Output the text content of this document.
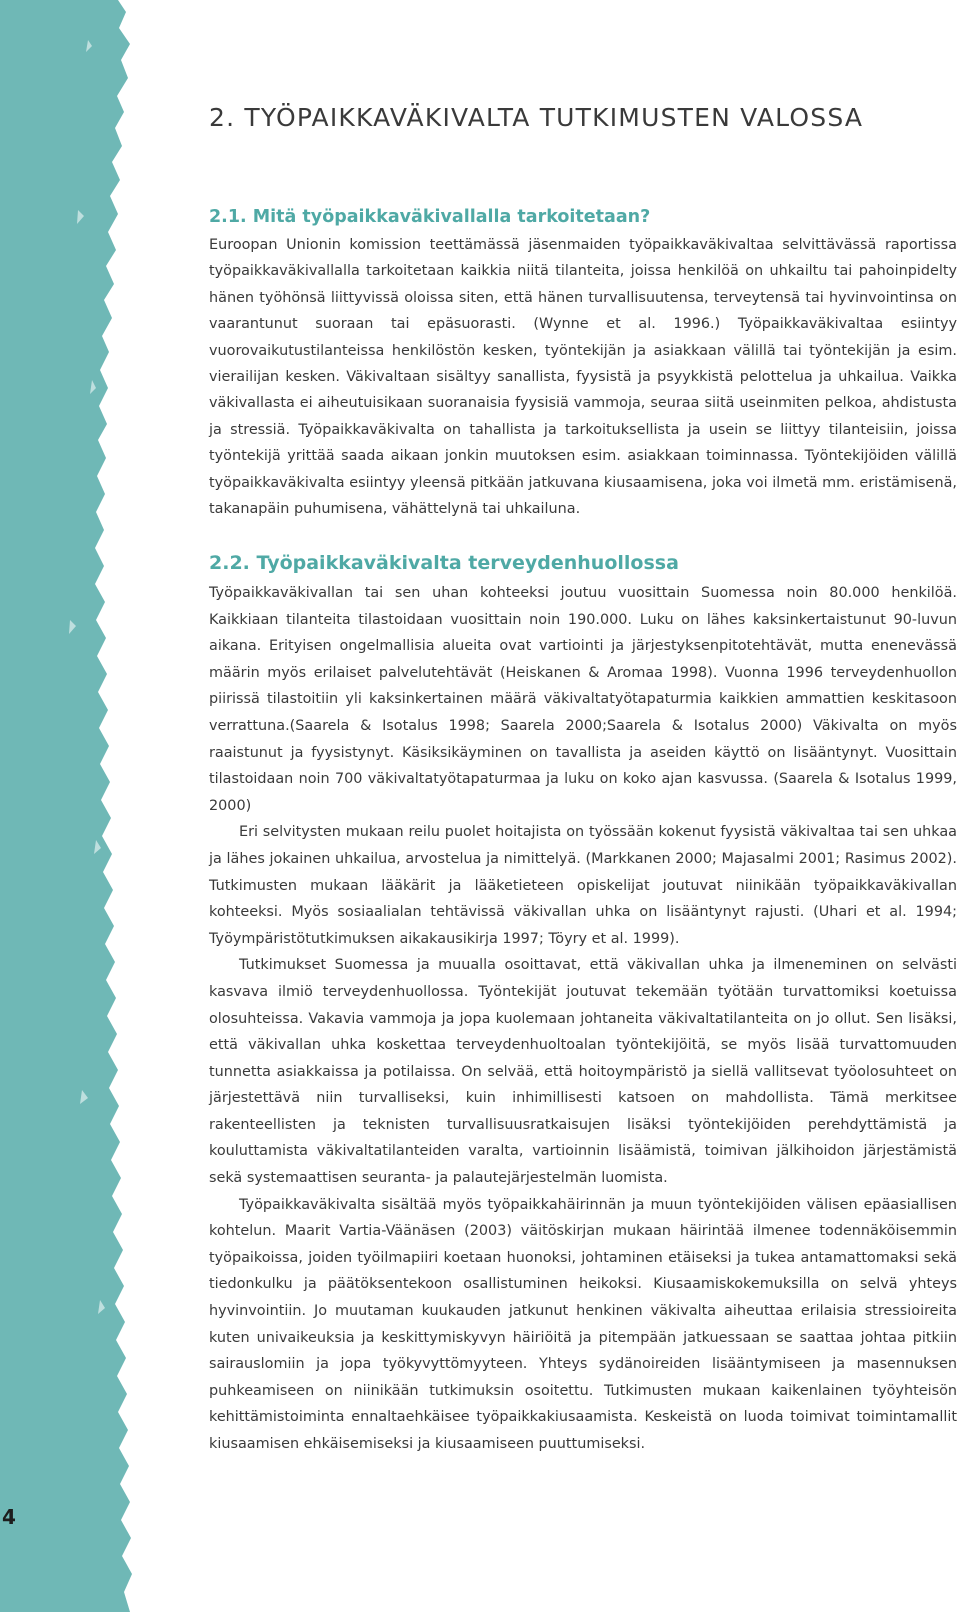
4
2. TYÖPAIKKAVÄKIVALTA TUTKIMUSTEN VALOSSA
2.1. Mitä työpaikkaväkivallalla tarkoitetaan?

Euroopan Unionin komission teettämässä jäsenmaiden työpaikkaväkivaltaa selvittävässä raportissa työpaikkaväkivallalla tarkoitetaan kaikkia niitä tilanteita, joissa henkilöä on uhkailtu tai pahoinpidelty hänen työhönsä liittyvissä oloissa siten, että hänen turvallisuutensa, terveytensä tai hyvinvointinsa on vaarantunut suoraan tai epäsuorasti. (Wynne et al. 1996.) Työpaikkaväkivaltaa esiintyy vuorovaikutustilanteissa henkilöstön kesken, työntekijän ja asiakkaan välillä tai työntekijän ja esim. vierailijan kesken. Väkivaltaan sisältyy sanallista, fyysistä ja psyykkistä pelottelua ja uhkailua. Vaikka väkivallasta ei aiheutuisikaan suoranaisia fyysisiä vammoja, seuraa siitä useinmiten pelkoa, ahdistusta ja stressiä. Työpaikkaväkivalta on tahallista ja tarkoituksellista ja usein se liittyy tilanteisiin, joissa työntekijä yrittää saada aikaan jonkin muutoksen esim. asiakkaan toiminnassa. Työntekijöiden välillä työpaikkaväkivalta esiintyy yleensä pitkään jatkuvana kiusaamisena, joka voi ilmetä mm. eristämisenä, takanapäin puhumisena, vähättelynä tai uhkailuna.

2.2. Työpaikkaväkivalta terveydenhuollossa

Työpaikkaväkivallan tai sen uhan kohteeksi joutuu vuosittain Suomessa noin 80.000 henkilöä. Kaikkiaan tilanteita tilastoidaan vuosittain noin 190.000. Luku on lähes kaksinkertaistunut 90-luvun aikana. Erityisen ongelmallisia alueita ovat vartiointi ja järjestyksenpitotehtävät, mutta enenevässä määrin myös erilaiset palvelutehtävät (Heiskanen & Aromaa 1998). Vuonna 1996 terveydenhuollon piirissä tilastoitiin yli kaksinkertainen määrä väkivaltatyötapaturmia kaikkien ammattien keskitasoon verrattuna.(Saarela & Isotalus 1998; Saarela 2000;Saarela & Isotalus 2000) Väkivalta on myös raaistunut ja fyysistynyt. Käsiksikäyminen on tavallista ja aseiden käyttö on lisääntynyt. Vuosittain tilastoidaan noin 700 väkivaltatyötapaturmaa ja luku on koko ajan kasvussa. (Saarela & Isotalus 1999, 2000)

Eri selvitysten mukaan reilu puolet hoitajista on työssään kokenut fyysistä väkivaltaa tai sen uhkaa ja lähes jokainen uhkailua, arvostelua ja nimittelyä. (Markkanen 2000; Majasalmi 2001; Rasimus 2002). Tutkimusten mukaan lääkärit ja lääketieteen opiskelijat joutuvat niinikään työpaikkaväkivallan kohteeksi. Myös sosiaalialan tehtävissä väkivallan uhka on lisääntynyt rajusti. (Uhari et al. 1994; Työympäristötutkimuksen aikakausikirja 1997; Töyry et al. 1999).

Tutkimukset Suomessa ja muualla osoittavat, että väkivallan uhka ja ilmeneminen on selvästi kasvava ilmiö terveydenhuollossa. Työntekijät joutuvat tekemään työtään turvattomiksi koetuissa olosuhteissa. Vakavia vammoja ja jopa kuolemaan johtaneita väkivaltatilanteita on jo ollut. Sen lisäksi, että väkivallan uhka koskettaa terveydenhuoltoalan työntekijöitä, se myös lisää turvattomuuden tunnetta asiakkaissa ja potilaissa. On selvää, että hoitoympäristö ja siellä vallitsevat työolosuhteet on järjestettävä niin turvalliseksi, kuin inhimillisesti katsoen on mahdollista. Tämä merkitsee rakenteellisten ja teknisten turvallisuusratkaisujen lisäksi työntekijöiden perehdyttämistä ja kouluttamista väkivaltatilanteiden varalta, vartioinnin lisäämistä, toimivan jälkihoidon järjestämistä sekä systemaattisen seuranta- ja palautejärjestelmän luomista.

Työpaikkaväkivalta sisältää myös työpaikkahäirinnän ja muun työntekijöiden välisen epäasiallisen kohtelun. Maarit Vartia-Väänäsen (2003) väitöskirjan mukaan häirintää ilmenee todennäköisemmin työpaikoissa, joiden työilmapiiri koetaan huonoksi, johtaminen etäiseksi ja tukea antamattomaksi sekä tiedonkulku ja päätöksentekoon osallistuminen heikoksi. Kiusaamiskokemuksilla on selvä yhteys hyvinvointiin. Jo muutaman kuukauden jatkunut henkinen väkivalta aiheuttaa erilaisia stressioireita kuten univaikeuksia ja keskittymiskyvyn häiriöitä ja pitempään jatkuessaan se saattaa johtaa pitkiin sairauslomiin ja jopa työkyvyttömyyteen. Yhteys sydänoireiden lisääntymiseen ja masennuksen puhkeamiseen on niinikään tutkimuksin osoitettu. Tutkimusten mukaan kaikenlainen työyhteisön kehittämistoiminta ennaltaehkäisee työpaikkakiusaamista. Keskeistä on luoda toimivat toimintamallit kiusaamisen ehkäisemiseksi ja kiusaamiseen puuttumiseksi.
